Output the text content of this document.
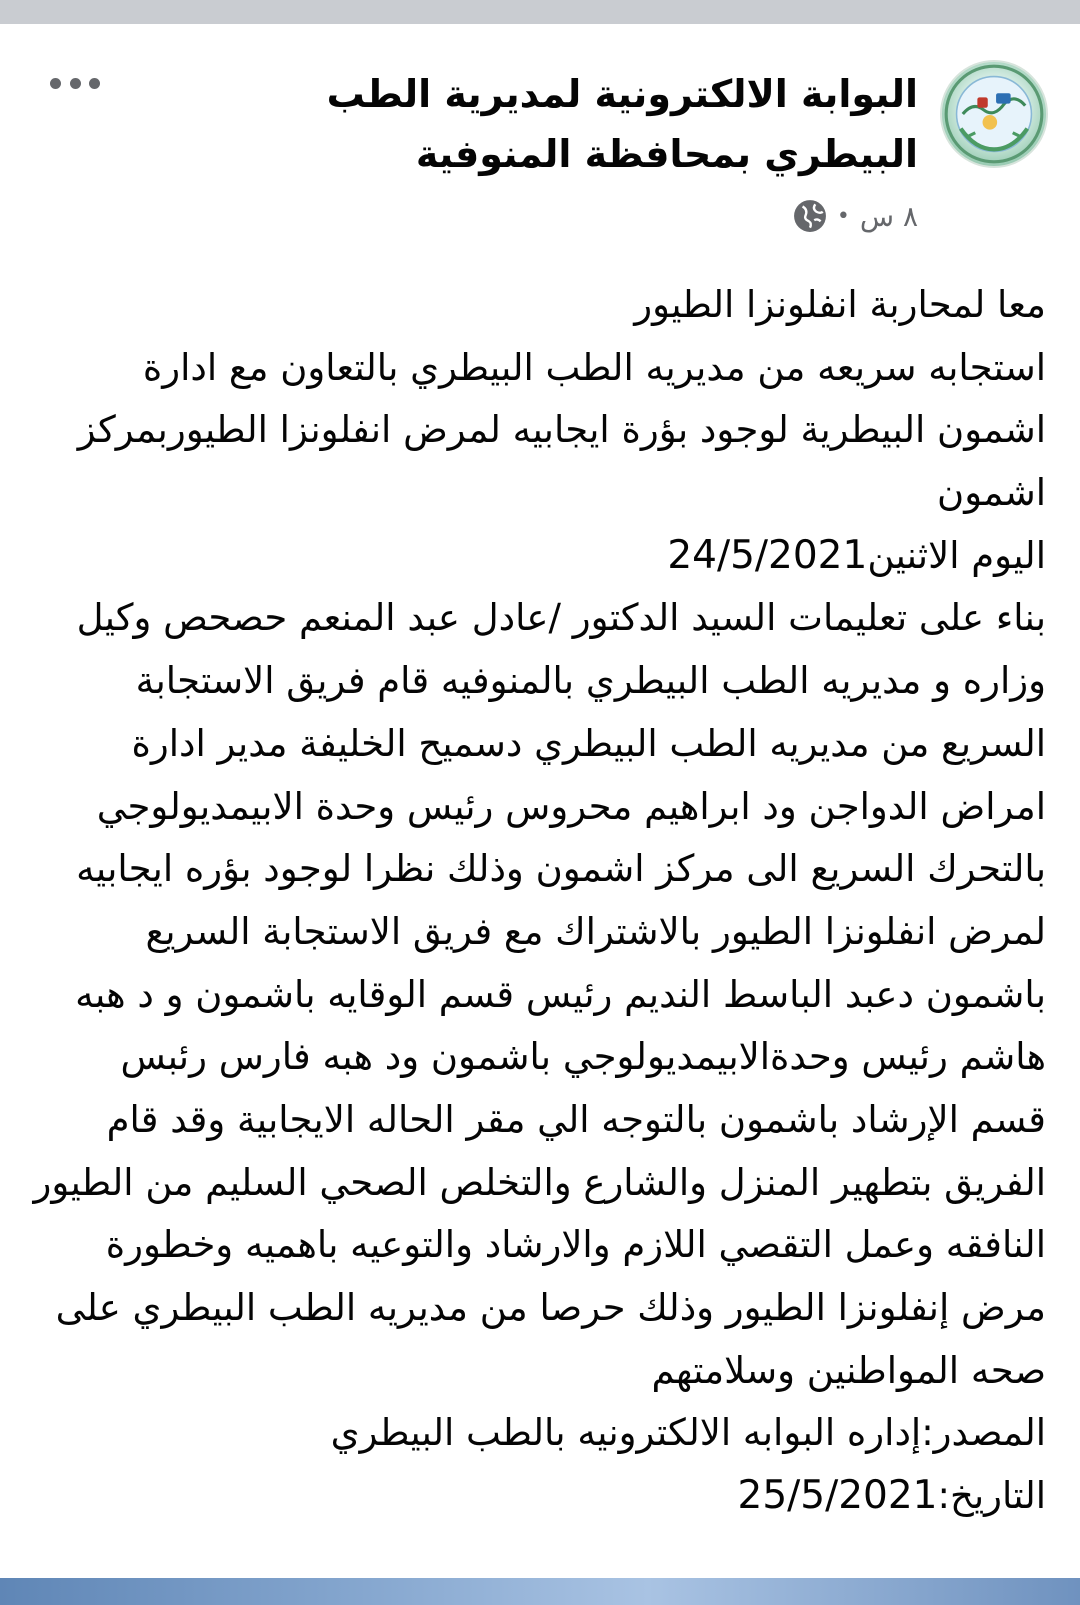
البوابة الالكترونية لمديرية الطب البيطري بمحافظة المنوفية
٨ س
•
معا لمحاربة انفلونزا الطيور
استجابه سريعه من مديريه الطب البيطري بالتعاون مع ادارة
اشمون البيطرية لوجود بؤرة ايجابيه لمرض انفلونزا الطيوربمركز
اشمون
اليوم الاثنين24/5/2021
بناء على تعليمات السيد الدكتور /عادل عبد المنعم حصحص وكيل
وزاره و مديريه الطب البيطري بالمنوفيه قام فريق الاستجابة
السريع من مديريه الطب البيطري دسميح الخليفة مدير ادارة
امراض الدواجن ود ابراهيم محروس رئيس وحدة الابيمديولوجي
بالتحرك السريع الى مركز اشمون وذلك نظرا لوجود بؤره ايجابيه
لمرض انفلونزا الطيور بالاشتراك مع فريق الاستجابة السريع
باشمون دعبد الباسط النديم رئيس قسم الوقايه باشمون و د هبه
هاشم رئيس وحدةالابيمديولوجي باشمون ود هبه فارس رئبس
قسم الإرشاد باشمون بالتوجه الي مقر الحاله الايجابية وقد قام
الفريق بتطهير المنزل والشارع والتخلص الصحي السليم من الطيور
النافقه وعمل التقصي اللازم والارشاد والتوعيه باهميه وخطورة
مرض إنفلونزا الطيور وذلك حرصا من مديريه الطب البيطري على
صحه المواطنين وسلامتهم
المصدر:إداره البوابه الالكترونيه بالطب البيطري
التاريخ:25/5/2021
